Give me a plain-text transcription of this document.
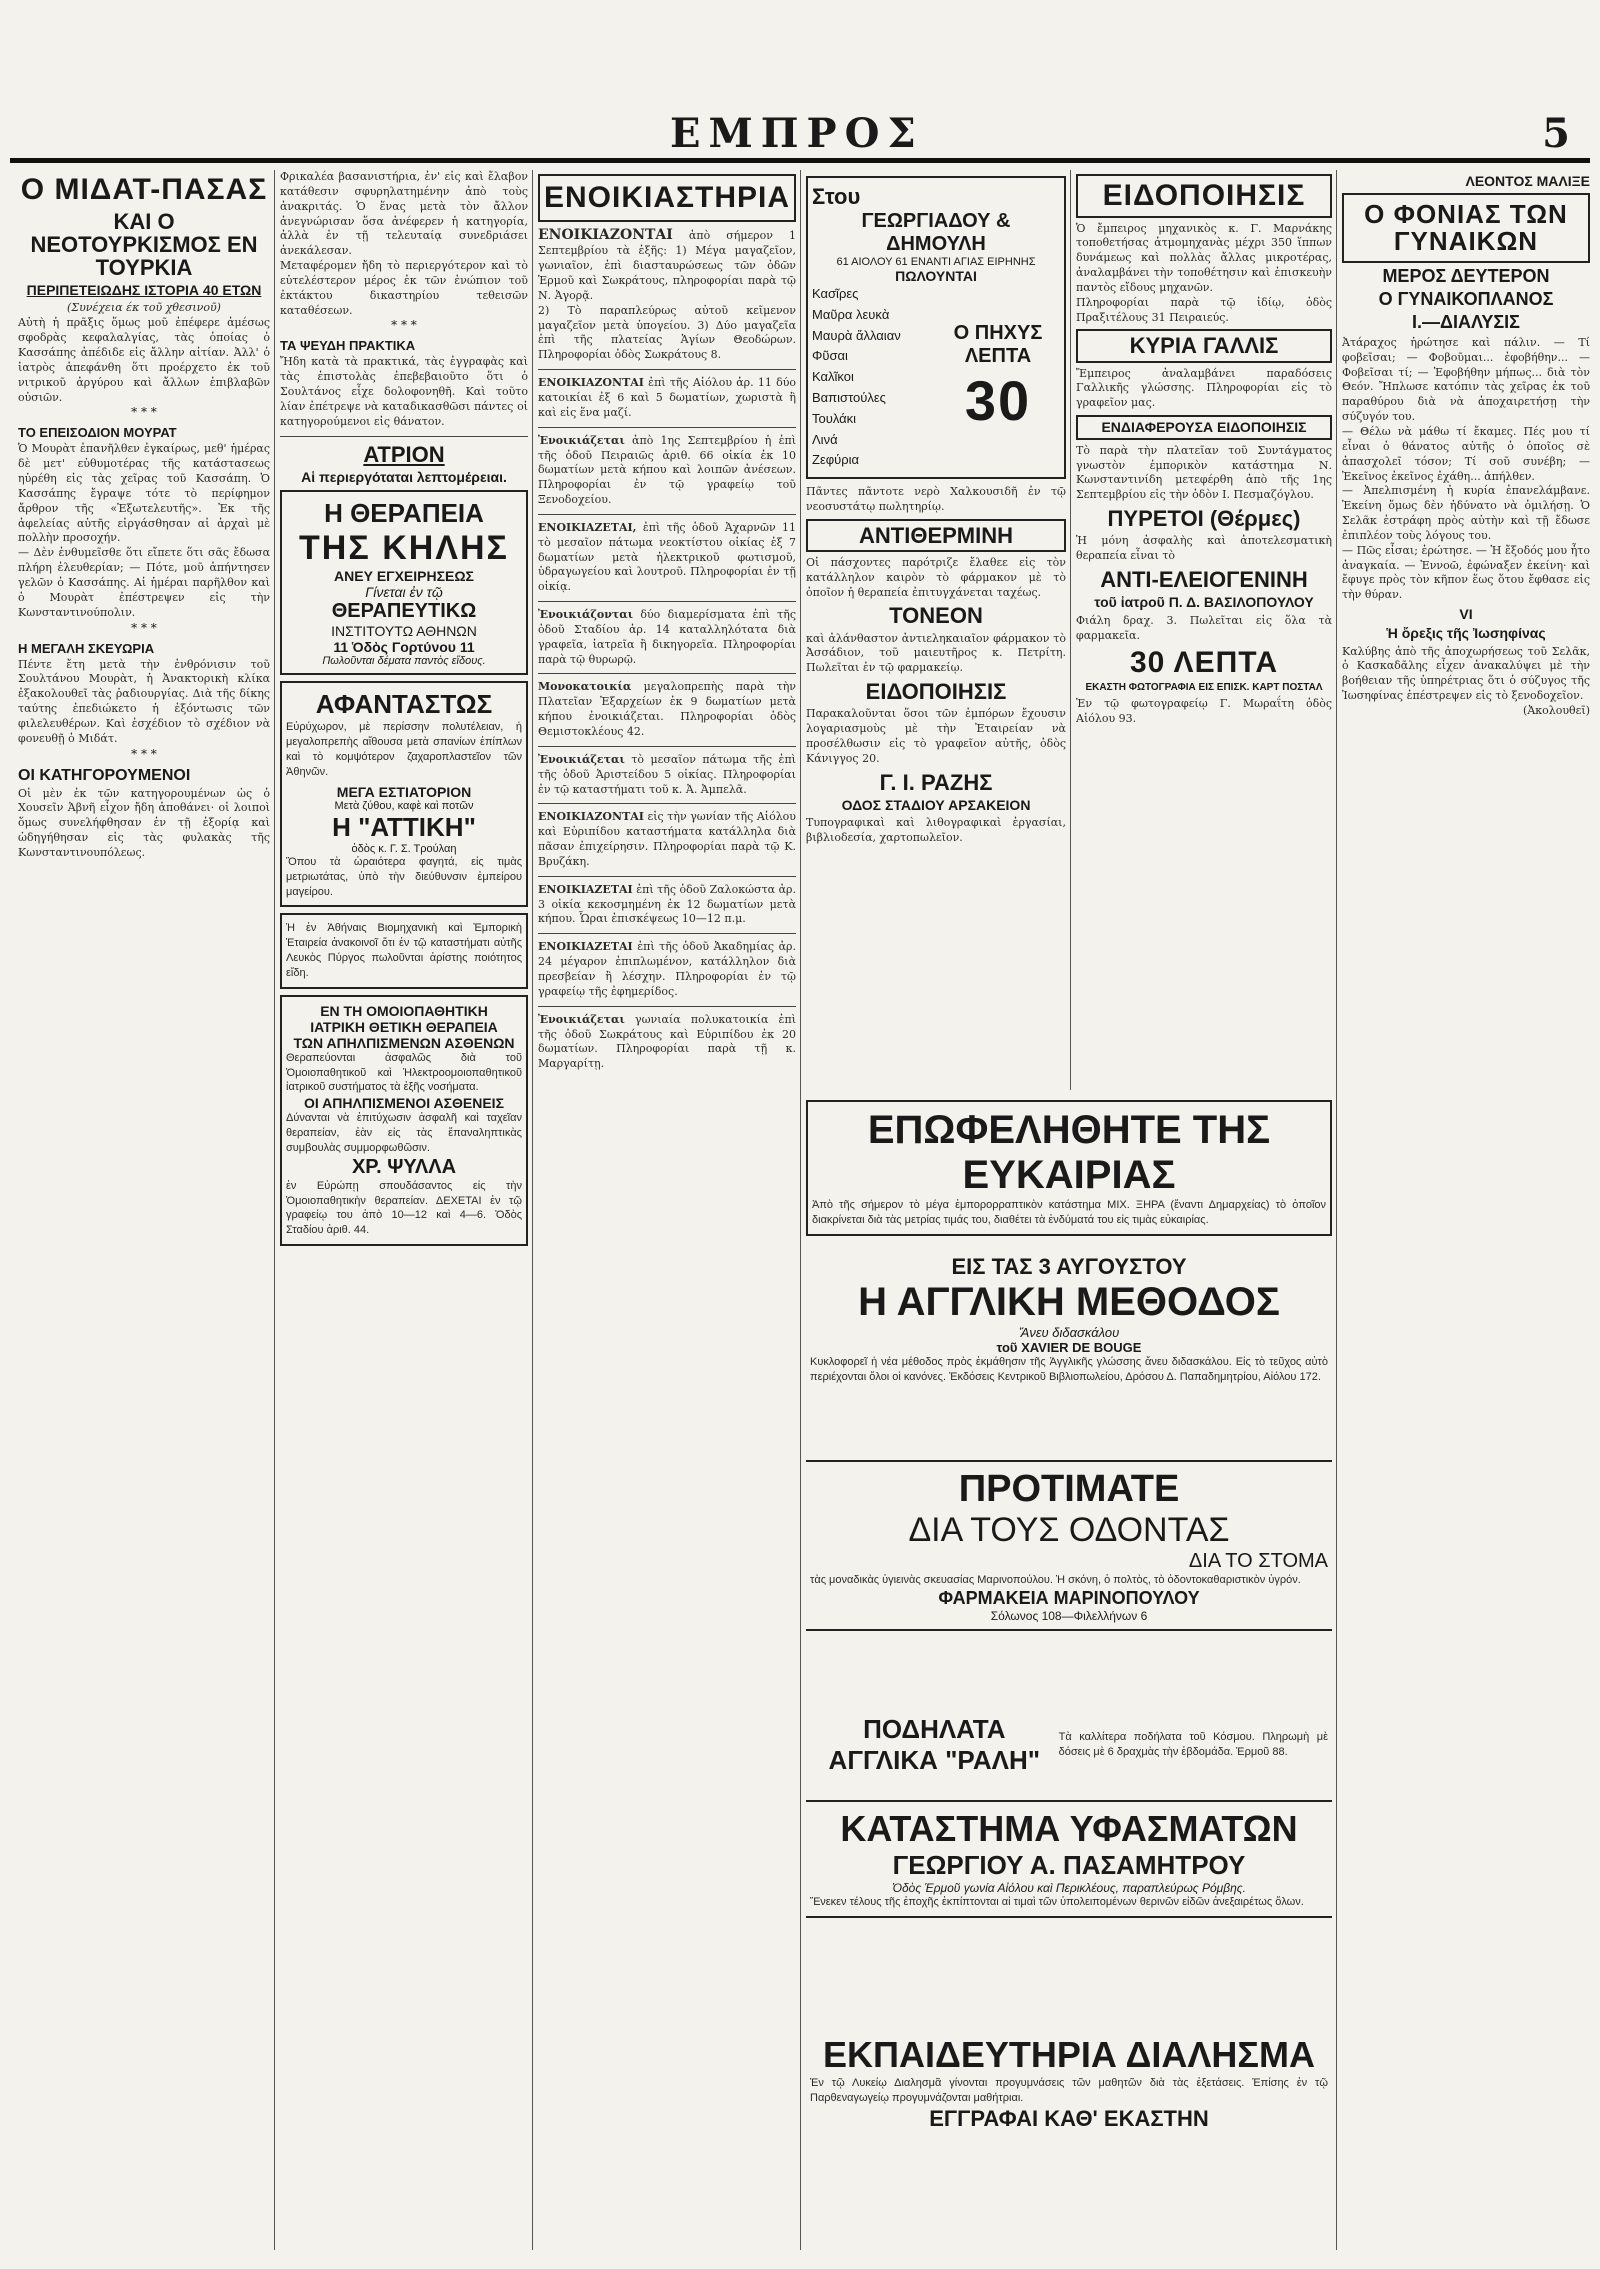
ΕΜΠΡΟΣ	5
Ο ΜΙΔΑΤ-ΠΑΣΑΣ
ΚΑΙ Ο ΝΕΟΤΟΥΡΚΙΣΜΟΣ ΕΝ ΤΟΥΡΚΙΑ
ΠΕΡΙΠΕΤΕΙΩΔΗΣ ΙΣΤΟΡΙΑ 40 ΕΤΩΝ
(Συνέχεια έκ τοῦ χθεσινοῦ)
Αὐτὴ ἡ πρᾶξις ὅμως μοῦ ἐπέφερε ἀμέσως σφοδρὰς κεφαλαλγίας, τὰς ὁποίας ὁ Κασσάπης ἀπέδιδε εἰς ἄλλην αἰτίαν. Ἀλλ' ὁ ἰατρὸς ἀπεφάνθη ὅτι προέρχετο ἐκ τοῦ νιτρικοῦ ἀργύρου καὶ ἄλλων ἐπιβλαβῶν οὐσιῶν.
* * *
ΤΟ ΕΠΕΙΣΟΔΙΟΝ ΜΟΥΡΑΤ
Ὁ Μουρὰτ ἐπανῆλθεν ἐγκαίρως, μεθ' ἡμέρας δὲ μετ' εὐθυμοτέρας τῆς κατάστασεως ηὑρέθη εἰς τὰς χεῖρας τοῦ Κασσάπη. Ὁ Κασσάπης ἔγραψε τότε τὸ περίφημον ἄρθρον τῆς «Ἐξωτελευτῆς». Ἐκ τῆς ἀφελείας αὐτῆς εἰργάσθησαν αἱ ἀρχαὶ μὲ πολλὴν προσοχήν.
— Δὲν ἐνθυμεῖσθε ὅτι εἴπετε ὅτι σᾶς ἔδωσα πλήρη ἐλευθερίαν; — Πότε, μοῦ ἀπήντησεν γελῶν ὁ Κασσάπης. Αἱ ἡμέραι παρῆλθον καὶ ὁ Μουρὰτ ἐπέστρεψεν εἰς τὴν Κωνσταντινούπολιν.
* * *
Η ΜΕΓΑΛΗ ΣΚΕΥΩΡΙΑ
Πέντε ἔτη μετὰ τὴν ἐνθρόνισιν τοῦ Σουλτάνου Μουρὰτ, ἡ Ἀνακτορικὴ κλίκα ἐξακολουθεῖ τὰς ῥαδιουργίας. Διὰ τῆς δίκης ταύτης ἐπεδιώκετο ἡ ἐξόντωσις τῶν φιλελευθέρων. Καὶ ἐσχέδιον τὸ σχέδιον νὰ φονευθῇ ὁ Μιδάτ.
* * *
ΟΙ ΚΑΤΗΓΟΡΟΥΜΕΝΟΙ
Οἱ μὲν ἐκ τῶν κατηγορουμένων ὡς ὁ Χουσεῖν Ἀβνῆ εἶχον ἤδη ἀποθάνει· οἱ λοιποὶ ὅμως συνελήφθησαν ἐν τῇ ἐξορίᾳ καὶ ὡδηγήθησαν εἰς τὰς φυλακὰς τῆς Κωνσταντινουπόλεως.
Φρικαλέα βασανιστήρια, ἐν' εἰς καὶ ἔλαβον κατάθεσιν σφυρηλατημένην ἀπὸ τοὺς ἀνακριτάς. Ὁ ἕνας μετὰ τὸν ἄλλον ἀνεγνώρισαν ὅσα ἀνέφερεν ἡ κατηγορία, ἀλλὰ ἐν τῇ τελευταίᾳ συνεδριάσει ἀνεκάλεσαν.
Μεταφέρομεν ἤδη τὸ περιεργότερον καὶ τὸ εὐτελέστερον μέρος ἐκ τῶν ἐνώπιον τοῦ ἐκτάκτου δικαστηρίου τεθεισῶν καταθέσεων.
* * *
ΤΑ ΨΕΥΔΗ ΠΡΑΚΤΙΚΑ
Ἤδη κατὰ τὰ πρακτικά, τὰς ἐγγραφὰς καὶ τὰς ἐπιστολὰς ἐπεβεβαιοῦτο ὅτι ὁ Σουλτάνος εἶχε δολοφονηθῆ. Καὶ τοῦτο λίαν ἐπέτρεψε νὰ καταδικασθῶσι πάντες οἱ κατηγορούμενοι εἰς θάνατον.
ΑΤΡΙΟΝ
Αἱ περιεργόταται λεπτομέρειαι.
Η ΘΕΡΑΠΕΙΑ
ΤΗΣ ΚΗΛΗΣ
ΑΝΕΥ ΕΓΧΕΙΡΗΣΕΩΣ
Γίνεται ἐν τῷ
ΘΕΡΑΠΕΥΤΙΚΩ
ΙΝΣΤΙΤΟΥΤΩ ΑΘΗΝΩΝ
11 Ὁδὸς Γορτύνου 11
Πωλοῦνται δέματα παντὸς εἴδους.
ΑΦΑΝΤΑΣΤΩΣ
Εὐρύχωρον, μὲ περίσσην πολυτέλειαν, ἡ μεγαλοπρεπὴς αἴθουσα μετὰ σπανίων ἐπίπλων καὶ τὸ κομψότερον ζαχαροπλαστεῖον τῶν Ἀθηνῶν.
ΜΕΓΑ ΕΣΤΙΑΤΟΡΙΟΝ
Μετὰ ζύθου, καφὲ καὶ ποτῶν
Η "ΑΤΤΙΚΗ"
ὁδὸς κ. Γ. Σ. Τρούλαη
Ὅπου τὰ ὡραιότερα φαγητά, εἰς τιμὰς μετριωτάτας, ὑπὸ τὴν διεύθυνσιν ἐμπείρου μαγείρου.
Ἡ ἐν Ἀθήναις Βιομηχανικὴ καὶ Ἐμπορικὴ Ἑταιρεία ἀνακοινοῖ ὅτι ἐν τῷ καταστήματι αὐτῆς Λευκὸς Πύργος πωλοῦνται ἀρίστης ποιότητος εἴδη.
ΕΝ ΤΗ ΟΜΟΙΟΠΑΘΗΤΙΚΗ
ΙΑΤΡΙΚΗ ΘΕΤΙΚΗ ΘΕΡΑΠΕΙΑ
ΤΩΝ ΑΠΗΛΠΙΣΜΕΝΩΝ ΑΣΘΕΝΩΝ
Θεραπεύονται ἀσφαλῶς διὰ τοῦ Ὁμοιοπαθητικοῦ καὶ Ἠλεκτροομοιοπαθητικοῦ ἰατρικοῦ συστήματος τὰ ἐξῆς νοσήματα.
ΟΙ ΑΠΗΛΠΙΣΜΕΝΟΙ ΑΣΘΕΝΕΙΣ
Δύνανται νὰ ἐπιτύχωσιν ἀσφαλῆ καὶ ταχεῖαν θεραπείαν, ἐὰν εἰς τὰς ἔπαναληπτικὰς συμβουλὰς συμμορφωθῶσιν.
ΧΡ. ΨΥΛΛΑ
ἐν Εὐρώπῃ σπουδάσαντος εἰς τὴν Ὁμοιοπαθητικὴν θεραπείαν. ΔΕΧΕΤΑΙ ἐν τῷ γραφείῳ του ἀπὸ 10—12 καὶ 4—6. Ὁδὸς Σταδίου ἀριθ. 44.
ΕΝΟΙΚΙΑΣΤΗΡΙΑ
ΕΝΟΙΚΙΑΖΟΝΤΑΙ ἀπὸ σήμερον 1 Σεπτεμβρίου τὰ ἐξῆς: 1) Μέγα μαγαζεῖον, γωνιαῖον, ἐπὶ διασταυρώσεως τῶν ὁδῶν Ἑρμοῦ καὶ Σωκράτους, πληροφορίαι παρὰ τῷ Ν. Ἀγορᾷ.
2) Τὸ παραπλεύρως αὐτοῦ κεῖμενον μαγαζεῖον μετὰ ὑπογείου. 3) Δύο μαγαζεῖα ἐπὶ τῆς πλατείας Ἁγίων Θεοδώρων. Πληροφορίαι ὁδὸς Σωκράτους 8.
ΕΝΟΙΚΙΑΖΟΝΤΑΙ ἐπὶ τῆς Αἰόλου ἀρ. 11 δύο κατοικίαι ἐξ 6 καὶ 5 δωματίων, χωριστὰ ἢ καὶ εἰς ἕνα μαζί.
Ἐνοικιάζεται ἀπὸ 1ης Σεπτεμβρίου ἡ ἐπὶ τῆς ὁδοῦ Πειραιῶς ἀριθ. 66 οἰκία ἐκ 10 δωματίων μετὰ κήπου καὶ λοιπῶν ἀνέσεων. Πληροφορίαι ἐν τῷ γραφείῳ τοῦ Ξενοδοχείου.
ΕΝΟΙΚΙΑΖΕΤΑΙ, ἐπὶ τῆς ὁδοῦ Ἀχαρνῶν 11 τὸ μεσαῖον πάτωμα νεοκτίστου οἰκίας ἐξ 7 δωματίων μετὰ ἠλεκτρικοῦ φωτισμοῦ, ὑδραγωγείου καὶ λουτροῦ. Πληροφορίαι ἐν τῇ οἰκίᾳ.
Ἐνοικιάζονται δύο διαμερίσματα ἐπὶ τῆς ὁδοῦ Σταδίου ἀρ. 14 καταλληλότατα διὰ γραφεῖα, ἰατρεῖα ἢ δικηγορεῖα. Πληροφορίαι παρὰ τῷ θυρωρῷ.
Μονοκατοικία μεγαλοπρεπὴς παρὰ τὴν Πλατεῖαν Ἐξαρχείων ἐκ 9 δωματίων μετὰ κήπου ἐνοικιάζεται. Πληροφορίαι ὁδὸς Θεμιστοκλέους 42.
Ἐνοικιάζεται τὸ μεσαῖον πάτωμα τῆς ἐπὶ τῆς ὁδοῦ Ἀριστείδου 5 οἰκίας. Πληροφορίαι ἐν τῷ καταστήματι τοῦ κ. Ἀ. Ἀμπελᾶ.
ΕΝΟΙΚΙΑΖΟΝΤΑΙ εἰς τὴν γωνίαν τῆς Αἰόλου καὶ Εὐριπίδου καταστήματα κατάλληλα διὰ πᾶσαν ἐπιχείρησιν. Πληροφορίαι παρὰ τῷ Κ. Βρυζάκη.
ΕΝΟΙΚΙΑΖΕΤΑΙ ἐπὶ τῆς ὁδοῦ Ζαλοκώστα ἀρ. 3 οἰκία κεκοσμημένη ἐκ 12 δωματίων μετὰ κήπου. Ὧραι ἐπισκέψεως 10—12 π.μ.
ΕΝΟΙΚΙΑΖΕΤΑΙ ἐπὶ τῆς ὁδοῦ Ἀκαδημίας ἀρ. 24 μέγαρον ἐπιπλωμένον, κατάλληλον διὰ πρεσβείαν ἢ λέσχην. Πληροφορίαι ἐν τῷ γραφείῳ τῆς ἐφημερίδος.
Ἐνοικιάζεται γωνιαία πολυκατοικία ἐπὶ τῆς ὁδοῦ Σωκράτους καὶ Εὐριπίδου ἐκ 20 δωματίων. Πληροφορίαι παρὰ τῇ κ. Μαργαρίτῃ.
Στου
ΓΕΩΡΓΙΑΔΟΥ & ΔΗΜΟΥΛΗ
61 ΑΙΟΛΟΥ 61 ΕΝΑΝΤΙ ΑΓΙΑΣ ΕΙΡΗΝΗΣ
ΠΩΛΟΥΝΤΑΙ
Κασῖρες
Μαῦρα λευκὰ
Μαυρὰ ἄλλαιαν
Φῦσαι
Καλῖκοι
Βαπιστούλες
Τουλάκι
Λινά
Ζεφύρια
Ο ΠΗΧΥΣ
ΛΕΠΤΑ
30
Πᾶντες πᾶντοτε νερὸ Χαλκουσιδῆ ἐν τῷ νεοσυστάτῳ πωλητηρίῳ.
ΑΝΤΙΘΕΡΜΙΝΗ
Οἱ πάσχοντες παρότριζε ἔλαθεε εἰς τὸν κατάλληλον καιρὸν τὸ φάρμακον μὲ τὸ ὁποῖον ἡ θεραπεία ἐπιτυγχάνεται ταχέως.
ΤΟΝΕΟΝ
καὶ ἀλάνθαστον ἀντιεληκαιαῖον φάρμακον τὸ Ἀσσάδιον, τοῦ μαιευτῆρος κ. Πετρίτη. Πωλεῖται ἐν τῷ φαρμακείῳ.
ΕΙΔΟΠΟΙΗΣΙΣ
Παρακαλοῦνται ὅσοι τῶν ἐμπόρων ἔχουσιν λογαριασμοὺς μὲ τὴν Ἐταιρείαν νὰ προσέλθωσιν εἰς τὸ γραφεῖον αὐτῆς, ὁδὸς Κάνιγγος 20.
Γ. Ι. ΡΑΖΗΣ
ΟΔΟΣ ΣΤΑΔΙΟΥ ΑΡΣΑΚΕΙΟΝ
Τυπογραφικαὶ καὶ λιθογραφικαὶ ἐργασίαι, βιβλιοδεσία, χαρτοπωλεῖον.
ΕΙΔΟΠΟΙΗΣΙΣ
Ὁ ἔμπειρος μηχανικὸς κ. Γ. Μαρνάκης τοποθετήσας ἀτμομηχανὰς μέχρι 350 ἵππων δυνάμεως καὶ πολλὰς ἄλλας μικροτέρας, ἀναλαμβάνει τὴν τοποθέτησιν καὶ ἐπισκευὴν παντὸς εἴδους μηχανῶν.
Πληροφορίαι παρὰ τῷ ἰδίῳ, ὁδὸς Πραξιτέλους 31 Πειραιεύς.
ΚΥΡΙΑ ΓΑΛΛΙΣ
Ἔμπειρος ἀναλαμβάνει παραδόσεις Γαλλικῆς γλώσσης. Πληροφορίαι εἰς τὸ γραφεῖον μας.
ΕΝΔΙΑΦΕΡΟΥΣΑ ΕΙΔΟΠΟΙΗΣΙΣ
Τὸ παρὰ τὴν πλατεῖαν τοῦ Συντάγματος γνωστὸν ἐμπορικὸν κατάστημα Ν. Κωνσταντινίδη μετεφέρθη ἀπὸ τῆς 1ης Σεπτεμβρίου εἰς τὴν ὁδὸν Ι. Πεσμαζόγλου.
ΠΥΡΕΤΟΙ (Θέρμες)
Ἡ μόνη ἀσφαλὴς καὶ ἀποτελεσματικὴ θεραπεία εἶναι τὸ
ΑΝΤΙ-ΕΛΕΙΟΓΕΝΙΝΗ
τοῦ ἰατροῦ Π. Δ. ΒΑΣΙΛΟΠΟΥΛΟΥ
Φιάλη δραχ. 3. Πωλεῖται εἰς ὅλα τὰ φαρμακεῖα.
30 ΛΕΠΤΑ
ΕΚΑΣΤΗ ΦΩΤΟΓΡΑΦΙΑ ΕΙΣ ΕΠΙΣΚ. ΚΑΡΤ ΠΟΣΤΑΛ
Ἐν τῷ φωτογραφείῳ Γ. Μωραΐτη ὁδὸς Αἰόλου 93.
ΛΕΟΝΤΟΣ ΜΑΛΙΞΕ
Ο ΦΟΝΙΑΣ ΤΩΝ ΓΥΝΑΙΚΩΝ
ΜΕΡΟΣ ΔΕΥΤΕΡΟΝ
Ο ΓΥΝΑΙΚΟΠΛΑΝΟΣ
Ι.—ΔΙΑΛΥΣΙΣ
Ἀτάραχος ἠρώτησε καὶ πάλιν. — Τί φοβεῖσαι; — Φοβοῦμαι... ἐφοβήθην... — Φοβεῖσαι τί; — Ἐφοβήθην μήπως... διὰ τὸν Θεόν. Ἤπλωσε κατόπιν τὰς χεῖρας ἐκ τοῦ παραθύρου διὰ νὰ ἀποχαιρετήσῃ τὴν σύζυγόν του.
— Θέλω νὰ μάθω τί ἔκαμες. Πές μου τί εἶναι ὁ θάνατος αὐτῆς ὁ ὁποῖος σὲ ἀπασχολεῖ τόσον; Τί σοῦ συνέβη; — Ἐκεῖνος ἐκεῖνος ἐχάθη... ἀπήλθεν.
— Ἀπελπισμένη ἡ κυρία ἐπανελάμβανε. Ἐκείνη ὅμως δὲν ἠδύνατο νὰ ὁμιλήσῃ. Ὁ Σελᾶκ ἐστράφη πρὸς αὐτὴν καὶ τῇ ἔδωσε ἐπιπλέον τοὺς λόγους του.
— Πῶς εἶσαι; ἐρώτησε. — Ἡ ἔξοδός μου ἦτο ἀναγκαία. — Ἐννοῶ, ἐφώναξεν ἐκείνη· καὶ ἔφυγε πρὸς τὸν κῆπον ἕως ὅτου ἔφθασε εἰς τὴν θύραν.
VI
Ἡ ὄρεξις τῆς Ἰωσηφίνας
Καλύβης ἀπὸ τῆς ἀποχωρήσεως τοῦ Σελᾶκ, ὁ Κασκαδᾶλης εἶχεν ἀνακαλύψει μὲ τὴν βοήθειαν τῆς ὑπηρέτριας ὅτι ὁ σύζυγος τῆς Ἰωσηφίνας ἐπέστρεψεν εἰς τὸ ξενοδοχεῖον.
(Ἀκολουθεῖ)
ΕΠΩΦΕΛΗΘΗΤΕ ΤΗΣ ΕΥΚΑΙΡΙΑΣ
Ἀπὸ τῆς σήμερον τὸ μέγα ἐμπορορραπτικὸν κατάστημα ΜΙΧ. ΞΗΡΑ (ἔναντι Δημαρχείας) τὸ ὁποῖον διακρίνεται διὰ τὰς μετρίας τιμάς του, διαθέτει τὰ ἐνδύματά του εἰς τιμὰς εὐκαιρίας.
ΕΙΣ ΤΑΣ 3 ΑΥΓΟΥΣΤΟΥ
Η ΑΓΓΛΙΚΗ ΜΕΘΟΔΟΣ
Ἄνευ διδασκάλου
τοῦ XAVIER DE BOUGE
Κυκλοφορεῖ ἡ νέα μέθοδος πρὸς ἐκμάθησιν τῆς Ἀγγλικῆς γλώσσης ἄνευ διδασκάλου. Εἰς τὸ τεῦχος αὐτὸ περιέχονται ὅλοι οἱ κανόνες. Ἐκδόσεις Κεντρικοῦ Βιβλιοπωλείου, Δρόσου Δ. Παπαδημητρίου, Αἰόλου 172.
ΠΡΟΤΙΜΑΤΕ
ΔΙΑ ΤΟΥΣ ΟΔΟΝΤΑΣ
ΔΙΑ ΤΟ ΣΤΟΜΑ
τὰς μοναδικὰς ὑγιεινὰς σκευασίας Μαρινοπούλου. Ἡ σκόνη, ὁ πολτὸς, τὸ ὀδοντοκαθαριστικὸν ὑγρόν.
ΦΑΡΜΑΚΕΙΑ ΜΑΡΙΝΟΠΟΥΛΟΥ
Σόλωνος 108—Φιλελλήνων 6
ΠΟΔΗΛΑΤΑ ΑΓΓΛΙΚΑ "ΡΑΛΗ"
Τὰ καλλίτερα ποδήλατα τοῦ Κόσμου. Πληρωμὴ μὲ δόσεις μὲ 6 δραχμὰς τὴν ἑβδομάδα. Ἑρμοῦ 88.
ΚΑΤΑΣΤΗΜΑ ΥΦΑΣΜΑΤΩΝ
ΓΕΩΡΓΙΟΥ Α. ΠΑΣΑΜΗΤΡΟΥ
Ὁδὸς Ἑρμοῦ γωνία Αἰόλου καὶ Περικλέους, παραπλεύρως Ρόμβης.
Ἕνεκεν τέλους τῆς ἐποχῆς ἐκπίπτονται αἱ τιμαὶ τῶν ὑπολειπομένων θερινῶν εἰδῶν ἀνεξαιρέτως ὅλων.
ΕΚΠΑΙΔΕΥΤΗΡΙΑ ΔΙΑΛΗΣΜΑ
Ἐν τῷ Λυκείῳ Διαλησμᾶ γίνονται προγυμνάσεις τῶν μαθητῶν διὰ τὰς ἐξετάσεις. Ἐπίσης ἐν τῷ Παρθεναγωγείῳ προγυμνάζονται μαθήτριαι.
ΕΓΓΡΑΦΑΙ ΚΑΘ' ΕΚΑΣΤΗΝ
